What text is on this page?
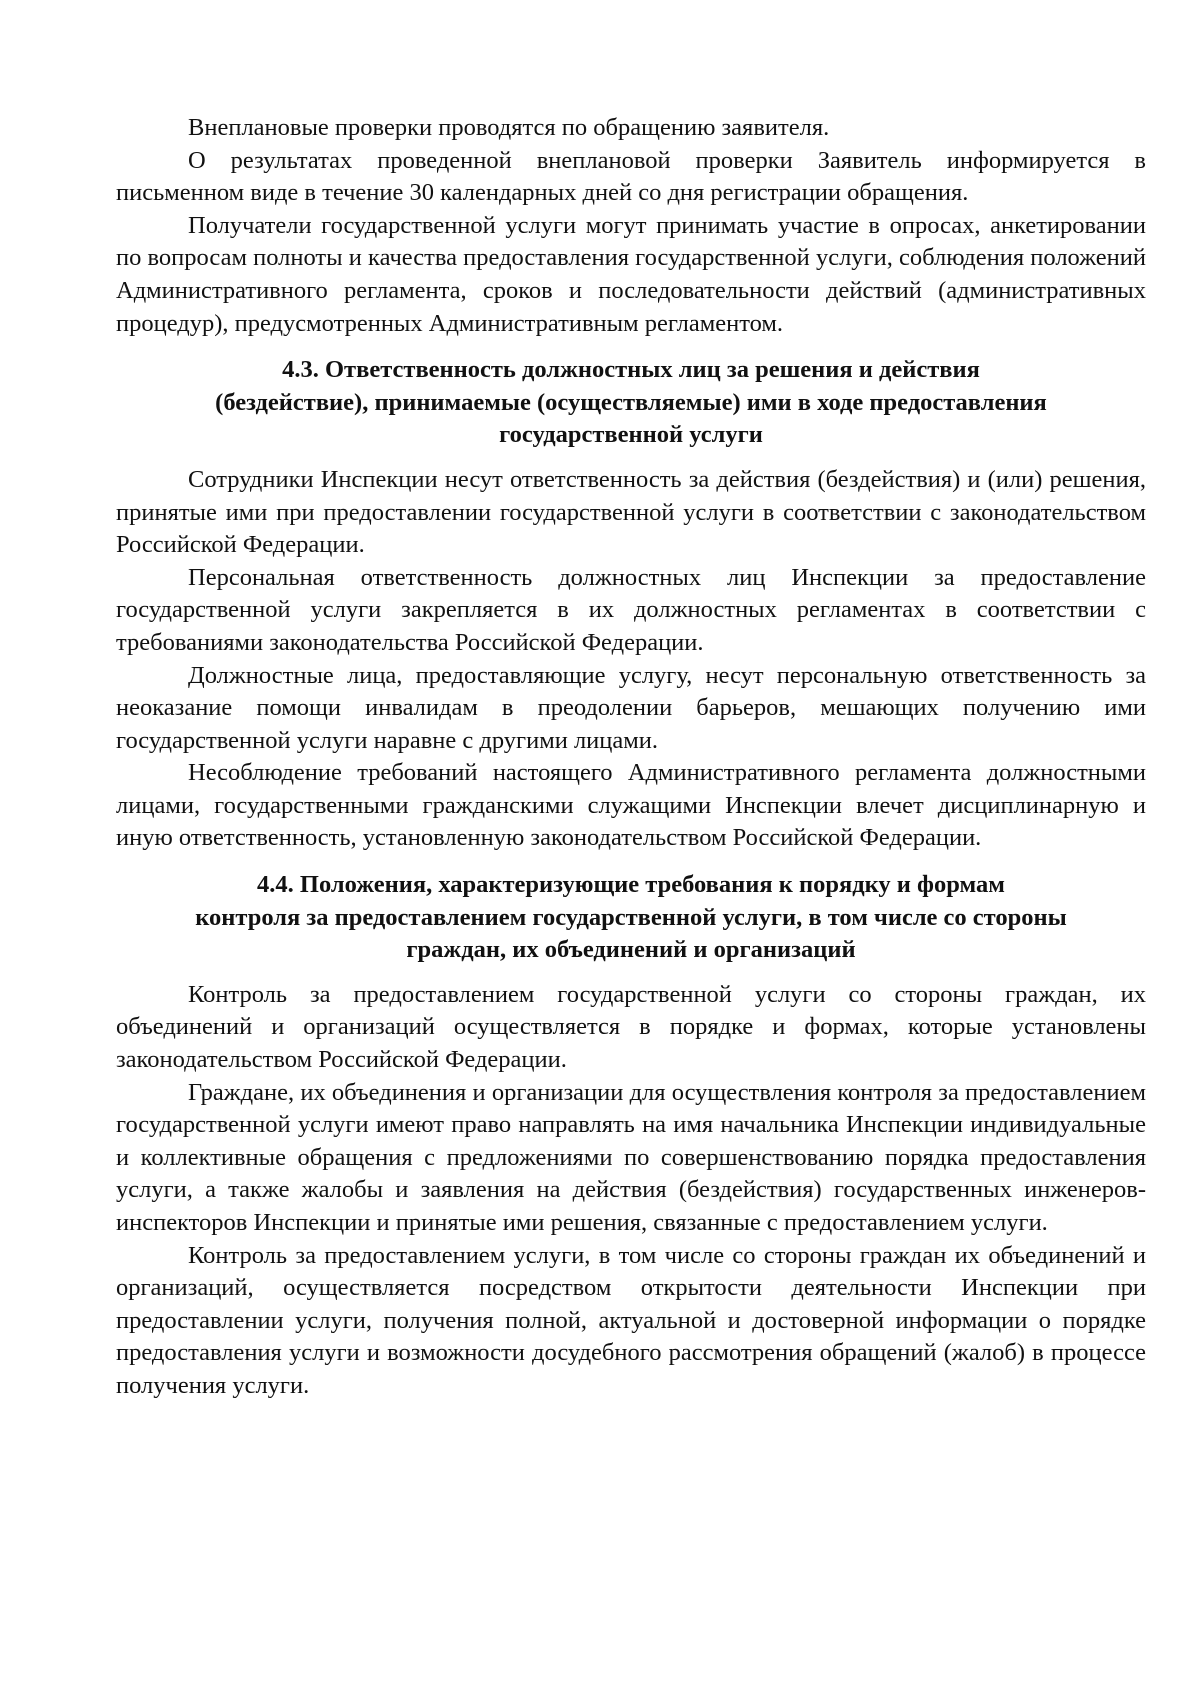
Внеплановые проверки проводятся по обращению заявителя.

О результатах проведенной внеплановой проверки Заявитель информируется в письменном виде в течение 30 календарных дней со дня регистрации обращения.

Получатели государственной услуги могут принимать участие в опросах, анкетировании по вопросам полноты и качества предоставления государственной услуги, соблюдения положений Административного регламента, сроков и последовательности действий (административных процедур), предусмотренных Административным регламентом.

4.3. Ответственность должностных лиц за решения и действия
(бездействие), принимаемые (осуществляемые) ими в ходе предоставления
государственной услуги

Сотрудники Инспекции несут ответственность за действия (бездействия) и (или) решения, принятые ими при предоставлении государственной услуги в соответствии с законодательством Российской Федерации.

Персональная ответственность должностных лиц Инспекции за предоставление государственной услуги закрепляется в их должностных регламентах в соответствии с требованиями законодательства Российской Федерации.

Должностные лица, предоставляющие услугу, несут персональную ответственность за неоказание помощи инвалидам в преодолении барьеров, мешающих получению ими государственной услуги наравне с другими лицами.

Несоблюдение требований настоящего Административного регламента должностными лицами, государственными гражданскими служащими Инспекции влечет дисциплинарную и иную ответственность, установленную законодательством Российской Федерации.

4.4. Положения, характеризующие требования к порядку и формам
контроля за предоставлением государственной услуги, в том числе со стороны
граждан, их объединений и организаций

Контроль за предоставлением государственной услуги со стороны граждан, их объединений и организаций осуществляется в порядке и формах, которые установлены законодательством Российской Федерации.

Граждане, их объединения и организации для осуществления контроля за предоставлением государственной услуги имеют право направлять на имя начальника Инспекции индивидуальные и коллективные обращения с предложениями по совершенствованию порядка предоставления услуги, а также жалобы и заявления на действия (бездействия) государственных инженеров-инспекторов Инспекции и принятые ими решения, связанные с предоставлением услуги.

Контроль за предоставлением услуги, в том числе со стороны граждан их объединений и организаций, осуществляется посредством открытости деятельности Инспекции при предоставлении услуги, получения полной, актуальной и достоверной информации о порядке предоставления услуги и возможности досудебного рассмотрения обращений (жалоб) в процессе получения услуги.
